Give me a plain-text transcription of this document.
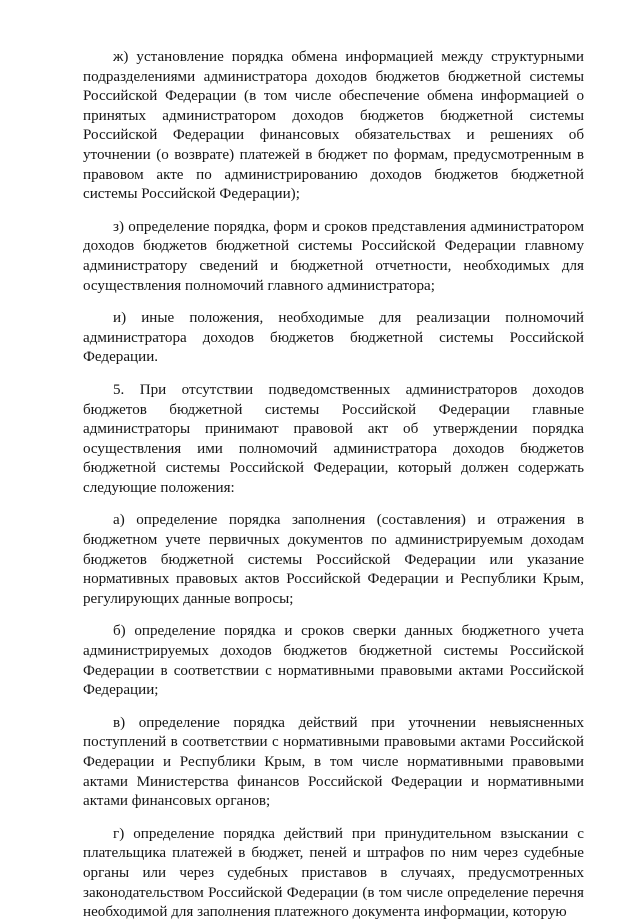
ж) установление порядка обмена информацией между структурными подразделениями администратора доходов бюджетов бюджетной системы Российской Федерации (в том числе обеспечение обмена информацией о принятых администратором доходов бюджетов бюджетной системы Российской Федерации финансовых обязательствах и решениях об уточнении (о возврате) платежей в бюджет по формам, предусмотренным в правовом акте по администрированию доходов бюджетов бюджетной системы Российской Федерации);

з) определение порядка, форм и сроков представления администратором доходов бюджетов бюджетной системы Российской Федерации главному администратору сведений и бюджетной отчетности, необходимых для осуществления полномочий главного администратора;

и) иные положения, необходимые для реализации полномочий администратора доходов бюджетов бюджетной системы Российской Федерации.

5. При отсутствии подведомственных администраторов доходов бюджетов бюджетной системы Российской Федерации главные администраторы принимают правовой акт об утверждении порядка осуществления ими полномочий администратора доходов бюджетов бюджетной системы Российской Федерации, который должен содержать следующие положения:

а) определение порядка заполнения (составления) и отражения в бюджетном учете первичных документов по администрируемым доходам бюджетов бюджетной системы Российской Федерации или указание нормативных правовых актов Российской Федерации и Республики Крым, регулирующих данные вопросы;

б) определение порядка и сроков сверки данных бюджетного учета администрируемых доходов бюджетов бюджетной системы Российской Федерации в соответствии с нормативными правовыми актами Российской Федерации;

в) определение порядка действий при уточнении невыясненных поступлений в соответствии с нормативными правовыми актами Российской Федерации и Республики Крым, в том числе нормативными правовыми актами Министерства финансов Российской Федерации и нормативными актами финансовых органов;

г) определение порядка действий при принудительном взыскании с плательщика платежей в бюджет, пеней и штрафов по ним через судебные органы или через судебных приставов в случаях, предусмотренных законодательством Российской Федерации (в том числе определение перечня необходимой для заполнения платежного документа информации, которую
